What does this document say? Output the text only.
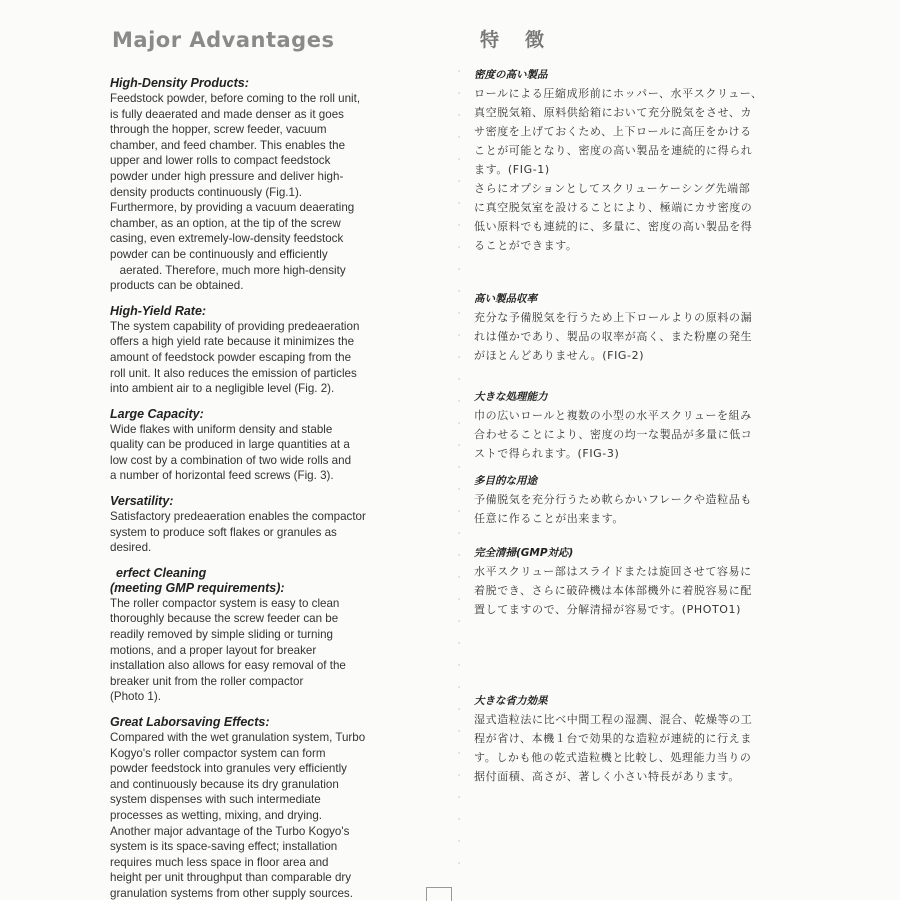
Major Advantages
High-Density Products:
Feedstock powder, before coming to the roll unit,
is fully deaerated and made denser as it goes
through the hopper, screw feeder, vacuum
chamber, and feed chamber. This enables the
upper and lower rolls to compact feedstock
powder under high pressure and deliver high-
density products continuously (Fig.1).
Furthermore, by providing a vacuum deaerating
chamber, as an option, at the tip of the screw
casing, even extremely-low-density feedstock
powder can be continuously and efficiently
aerated. Therefore, much more high-density
products can be obtained.
High-Yield Rate:
The system capability of providing predeaeration
offers a high yield rate because it minimizes the
amount of feedstock powder escaping from the
roll unit. It also reduces the emission of particles
into ambient air to a negligible level (Fig. 2).
Large Capacity:
Wide flakes with uniform density and stable
quality can be produced in large quantities at a
low cost by a combination of two wide rolls and
a number of horizontal feed screws (Fig. 3).
Versatility:
Satisfactory predeaeration enables the compactor
system to produce soft flakes or granules as
desired.
erfect Cleaning
(meeting GMP requirements):
The roller compactor system is easy to clean
thoroughly because the screw feeder can be
readily removed by simple sliding or turning
motions, and a proper layout for breaker
installation also allows for easy removal of the
breaker unit from the roller compactor
(Photo 1).
Great Laborsaving Effects:
Compared with the wet granulation system, Turbo
Kogyo's roller compactor system can form
powder feedstock into granules very efficiently
and continuously because its dry granulation
system dispenses with such intermediate
processes as wetting, mixing, and drying.
Another major advantage of the Turbo Kogyo's
system is its space-saving effect; installation
requires much less space in floor area and
height per unit throughput than comparable dry
granulation systems from other supply sources.
特徴
密度の高い製品
ロールによる圧縮成形前にホッパー、水平スクリュー、
真空脱気箱、原料供給箱において充分脱気をさせ、カ
サ密度を上げておくため、上下ロールに高圧をかける
ことが可能となり、密度の高い製品を連続的に得られ
ます。(FIG-1)
さらにオプションとしてスクリューケーシング先端部
に真空脱気室を設けることにより、極端にカサ密度の
低い原料でも連続的に、多量に、密度の高い製品を得
ることができます。
高い製品収率
充分な予備脱気を行うため上下ロールよりの原料の漏
れは僅かであり、製品の収率が高く、また粉塵の発生
がほとんどありません。(FIG-2)
大きな処理能力
巾の広いロールと複数の小型の水平スクリューを組み
合わせることにより、密度の均一な製品が多量に低コ
ストで得られます。(FIG-3)
多目的な用途
予備脱気を充分行うため軟らかいフレークや造粒品も
任意に作ることが出来ます。
完全清掃(GMP対応)
水平スクリュー部はスライドまたは旋回させて容易に
着脱でき、さらに破砕機は本体部機外に着脱容易に配
置してますので、分解清掃が容易です。(PHOTO1)
大きな省力効果
湿式造粒法に比べ中間工程の湿潤、混合、乾燥等の工
程が省け、本機１台で効果的な造粒が連続的に行えま
す。しかも他の乾式造粒機と比較し、処理能力当りの
据付面積、高さが、著しく小さい特長があります。
